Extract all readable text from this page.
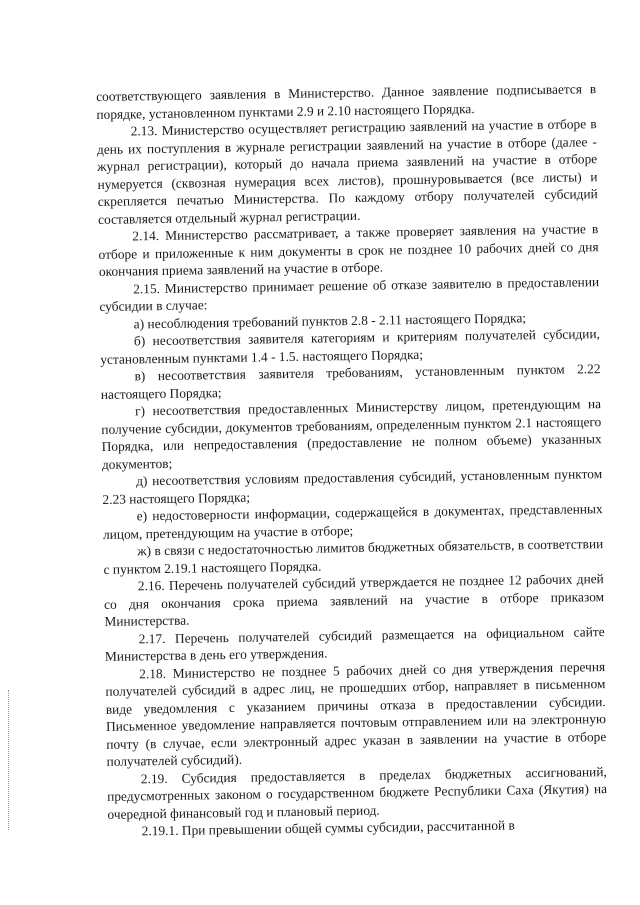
соответствующего заявления в Министерство. Данное заявление подписывается в порядке, установленном пунктами 2.9 и 2.10 настоящего Порядка.

2.13. Министерство осуществляет регистрацию заявлений на участие в отборе в день их поступления в журнале регистрации заявлений на участие в отборе (далее - журнал регистрации), который до начала приема заявлений на участие в отборе нумеруется (сквозная нумерация всех листов), прошнуровывается (все листы) и скрепляется печатью Министерства. По каждому отбору получателей субсидий составляется отдельный журнал регистрации.

2.14. Министерство рассматривает, а также проверяет заявления на участие в отборе и приложенные к ним документы в срок не позднее 10 рабочих дней со дня окончания приема заявлений на участие в отборе.

2.15. Министерство принимает решение об отказе заявителю в предоставлении субсидии в случае:

а) несоблюдения требований пунктов 2.8 - 2.11 настоящего Порядка;

б) несоответствия заявителя категориям и критериям получателей субсидии, установленным пунктами 1.4 - 1.5. настоящего Порядка;

в) несоответствия заявителя требованиям, установленным пунктом 2.22 настоящего Порядка;

г) несоответствия предоставленных Министерству лицом, претендующим на получение субсидии, документов требованиям, определенным пунктом 2.1 настоящего Порядка, или непредоставления (предоставление не полном объеме) указанных документов;

д) несоответствия условиям предоставления субсидий, установленным пунктом 2.23 настоящего Порядка;

е) недостоверности информации, содержащейся в документах, представленных лицом, претендующим на участие в отборе;

ж) в связи с недостаточностью лимитов бюджетных обязательств, в соответствии с пунктом 2.19.1 настоящего Порядка.

2.16. Перечень получателей субсидий утверждается не позднее 12 рабочих дней со дня окончания срока приема заявлений на участие в отборе приказом Министерства.

2.17. Перечень получателей субсидий размещается на официальном сайте Министерства в день его утверждения.

2.18. Министерство не позднее 5 рабочих дней со дня утверждения перечня получателей субсидий в адрес лиц, не прошедших отбор, направляет в письменном виде уведомления с указанием причины отказа в предоставлении субсидии. Письменное уведомление направляется почтовым отправлением или на электронную почту (в случае, если электронный адрес указан в заявлении на участие в отборе получателей субсидий).

2.19. Субсидия предоставляется в пределах бюджетных ассигнований, предусмотренных законом о государственном бюджете Республики Саха (Якутия) на очередной финансовый год и плановый период.

2.19.1. При превышении общей суммы субсидии, рассчитанной в
